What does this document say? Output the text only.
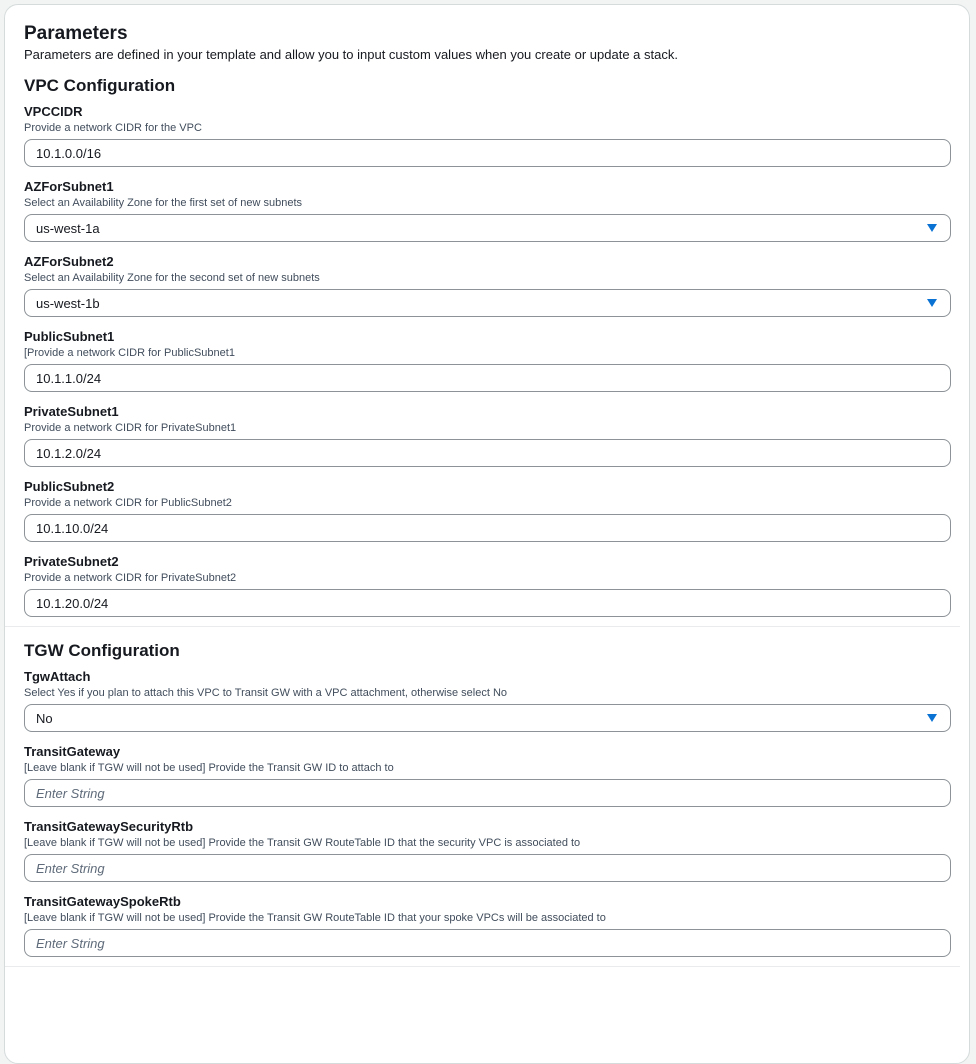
Parameters
Parameters are defined in your template and allow you to input custom values when you create or update a stack.
VPC Configuration
VPCCIDR
Provide a network CIDR for the VPC
10.1.0.0/16
AZForSubnet1
Select an Availability Zone for the first set of new subnets
us-west-1a
AZForSubnet2
Select an Availability Zone for the second set of new subnets
us-west-1b
PublicSubnet1
[Provide a network CIDR for PublicSubnet1
10.1.1.0/24
PrivateSubnet1
Provide a network CIDR for PrivateSubnet1
10.1.2.0/24
PublicSubnet2
Provide a network CIDR for PublicSubnet2
10.1.10.0/24
PrivateSubnet2
Provide a network CIDR for PrivateSubnet2
10.1.20.0/24
TGW Configuration
TgwAttach
Select Yes if you plan to attach this VPC to Transit GW with a VPC attachment, otherwise select No
No
TransitGateway
[Leave blank if TGW will not be used] Provide the Transit GW ID to attach to
Enter String
TransitGatewaySecurityRtb
[Leave blank if TGW will not be used] Provide the Transit GW RouteTable ID that the security VPC is associated to
Enter String
TransitGatewaySpokeRtb
[Leave blank if TGW will not be used] Provide the Transit GW RouteTable ID that your spoke VPCs will be associated to
Enter String
